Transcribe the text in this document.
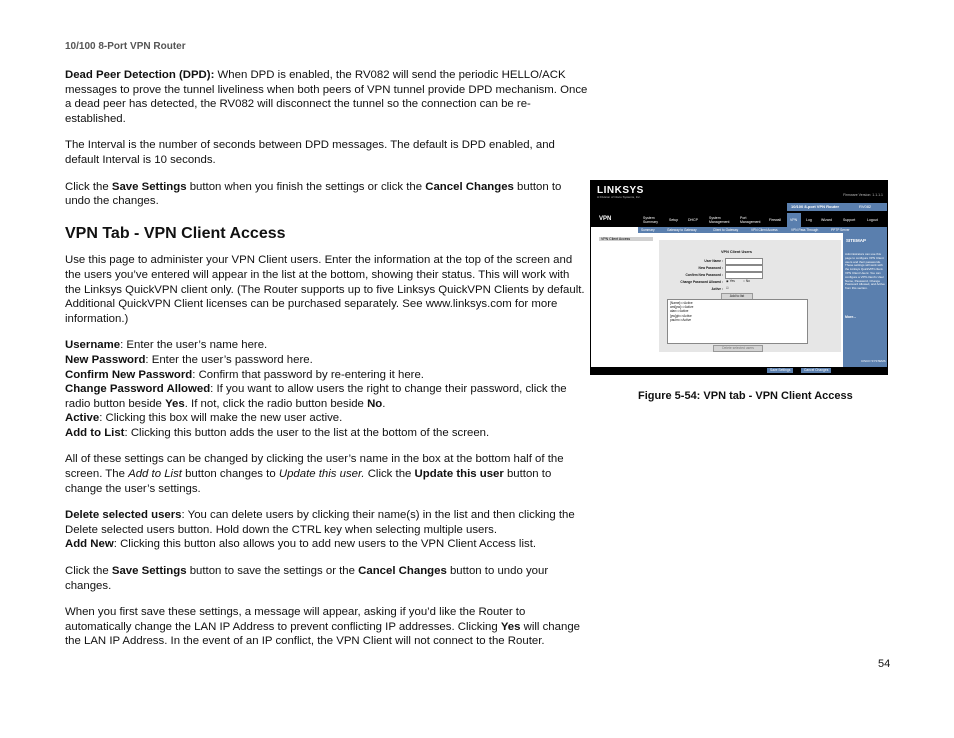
10/100 8-Port VPN Router

Dead Peer Detection (DPD): When DPD is enabled, the RV082 will send the periodic HELLO/ACK messages to prove the tunnel liveliness when both peers of VPN tunnel provide DPD mechanism. Once a dead peer has detected, the RV082 will disconnect the tunnel so the connection can be re-established.

The Interval is the number of seconds between DPD messages. The default is DPD enabled, and default Interval is 10 seconds.

Click the Save Settings button when you finish the settings or click the Cancel Changes button to undo the changes.

VPN Tab - VPN Client Access

Use this page to administer your VPN Client users. Enter the information at the top of the screen and the users you’ve entered will appear in the list at the bottom, showing their status. This will work with the Linksys QuickVPN client only. (The Router supports up to five Linksys QuickVPN Clients by default. Additional QuickVPN Client licenses can be purchased separately. See www.linksys.com for more information.)

Username: Enter the user’s name here.

New Password: Enter the user’s password here.

Confirm New Password: Confirm that password by re-entering it here.

Change Password Allowed: If you want to allow users the right to change their password, click the radio button beside Yes. If not, click the radio button beside No.

Active: Clicking this box will make the new user active.

Add to List: Clicking this button adds the user to the list at the bottom of the screen.

All of these settings can be changed by clicking the user’s name in the box at the bottom half of the screen. The Add to List button changes to Update this user. Click the Update this user button to change the user’s settings.

Delete selected users: You can delete users by clicking their name(s) in the list and then clicking the Delete selected users button. Hold down the CTRL key when selecting multiple users.
Add New: Clicking this button also allows you to add new users to the VPN Client Access list.

Click the Save Settings button to save the settings or the Cancel Changes button to undo your changes.

When you first save these settings, a message will appear, asking if you’d like the Router to automatically change the LAN IP Address to prevent conflicting IP addresses. Clicking Yes will change the LAN IP Address. In the event of an IP conflict, the VPN Client will not connect to the Router.

LINKSYS
A Division of Cisco Systems, Inc.	Firmware Version: 1.1.1.1
10/100 8-port VPN Router	RV082
VPN	System Summary	Setup	DHCP	System Management
Port Management	Firewall	VPN	Log	Wizard	Support	Logout
Summary	Gateway to Gateway	Client to Gateway	VPN Client Access	VPN Pass Through	PPTP Server
VPN Client Access
VPN Client Users
User Name :
New Password :
Confirm New Password :
Change Password Allowed : ◉ Yes	○ No
Active : ☑
Add to list
[Name]=>Active
ami[pw]=>Active
alan=>Active
[pw]gb=>Active
paulm=>Active
Delete selected users
SITEMAP
Administrators can use this page to configure VPN Client users and their passwords. These settings will work with the Linksys QuickVPN client. VPN Client Users: You can configure a VPN client's User Name, Password, Change Password Allowed, and Active from this section.
More...
CISCO SYSTEMS
Save Settings	Cancel Changes
Figure 5-54: VPN tab - VPN Client Access
54
